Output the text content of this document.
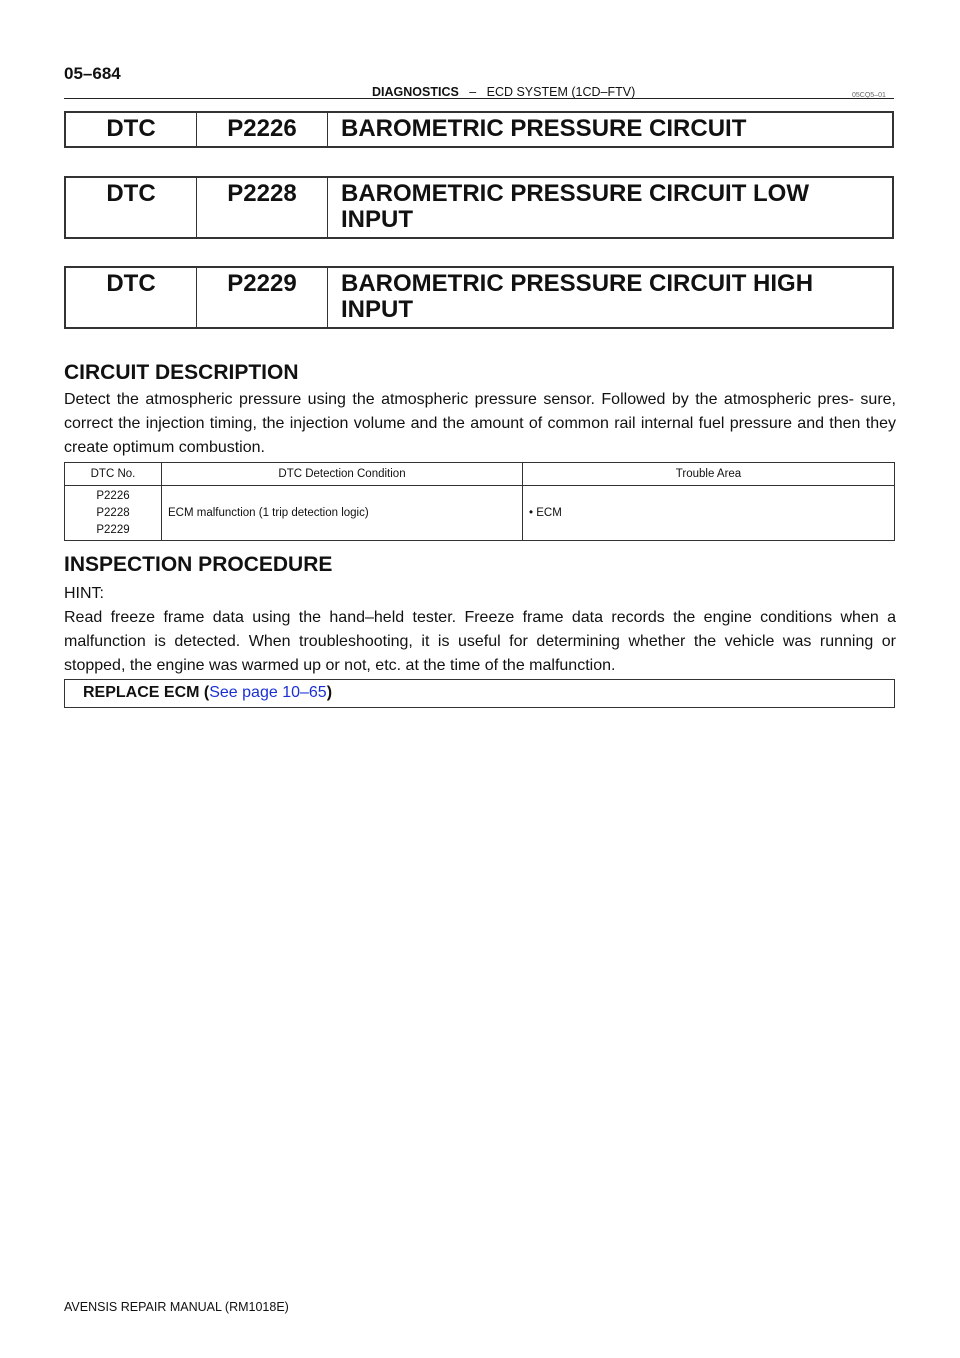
05–684
DIAGNOSTICS – ECD SYSTEM (1CD–FTV)	05CQ5–01
DTC	P2226	BAROMETRIC PRESSURE CIRCUIT
DTC	P2228	BAROMETRIC PRESSURE CIRCUIT LOW
INPUT
DTC	P2229	BAROMETRIC PRESSURE CIRCUIT HIGH
INPUT
CIRCUIT DESCRIPTION
Detect the atmospheric pressure using the atmospheric pressure sensor. Followed by the atmospheric pres- sure, correct the injection timing, the injection volume and the amount of common rail internal fuel pressure and then they create optimum combustion.
DTC No.	DTC Detection Condition	Trouble Area

P2226
P2228
P2229	ECM malfunction (1 trip detection logic)	• ECM
INSPECTION PROCEDURE
HINT:
Read freeze frame data using the hand–held tester. Freeze frame data records the engine conditions when a malfunction is detected. When troubleshooting, it is useful for determining whether the vehicle was running or stopped, the engine was warmed up or not, etc. at the time of the malfunction.
REPLACE ECM (See page 10–65)
AVENSIS REPAIR MANUAL (RM1018E)
